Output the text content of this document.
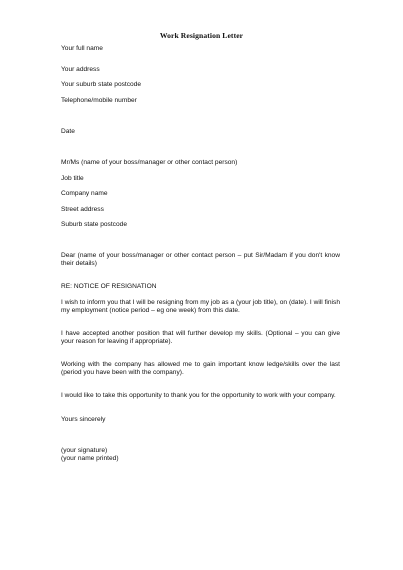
Work Resignation Letter
Your full name
Your address
Your suburb state postcode
Telephone/mobile number
Date
Mr/Ms (name of your boss/manager or other contact person)
Job title
Company name
Street address
Suburb state postcode
Dear (name of your boss/manager or other contact person – put Sir/Madam if you don't know their details)
RE: NOTICE OF RESIGNATION
I wish to inform you that I will be resigning from my job as a (your job title), on (date). I will finish my employment (notice period – eg one week) from this date.
I have accepted another position that will further develop my skills. (Optional – you can give your reason for leaving if appropriate).
Working with the company has allowed me to gain important know ledge/skills over the last (period you have been with the company).
I would like to take this opportunity to thank you for the opportunity to work with your company.
Yours sincerely
(your signature)
(your name printed)
